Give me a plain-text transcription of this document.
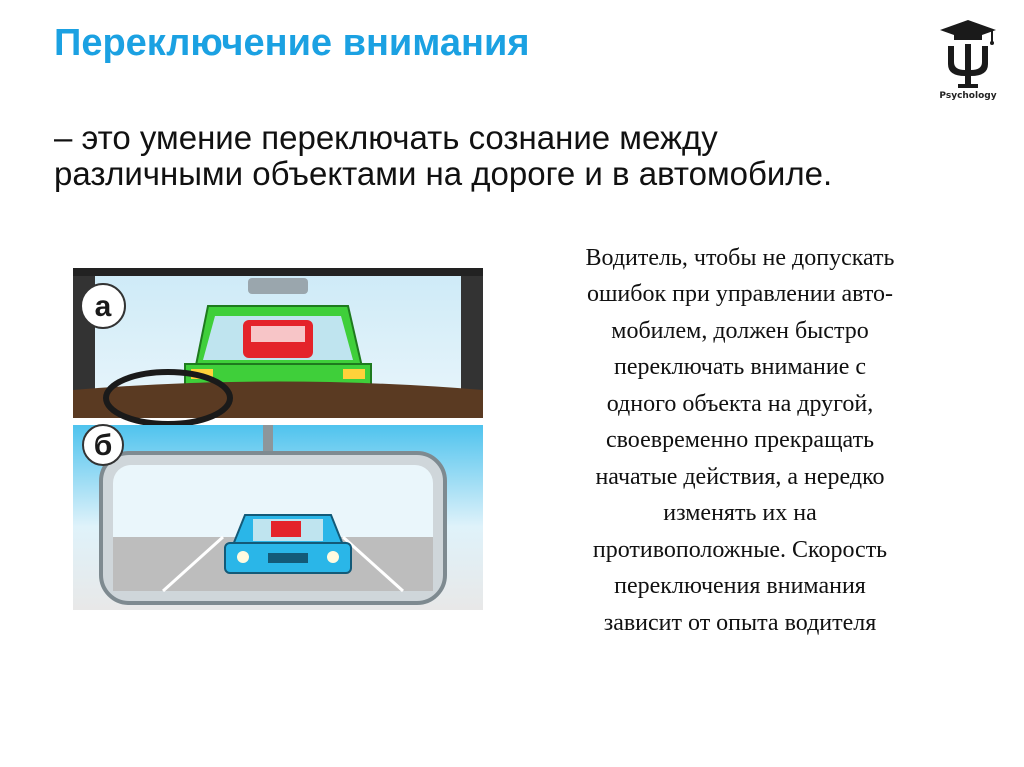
Переключение внимания
– это умение переключать сознание между различными объектами на дороге и в автомобиле.
Psychology
Водитель, чтобы не допускать
ошибок при управлении авто-
мобилем, должен быстро
переключать внимание с
одного объекта на другой,
своевременно прекращать
начатые действия, а нередко
изменять их на
противоположные. Скорость
переключения внимания
зависит от опыта водителя
а
б
